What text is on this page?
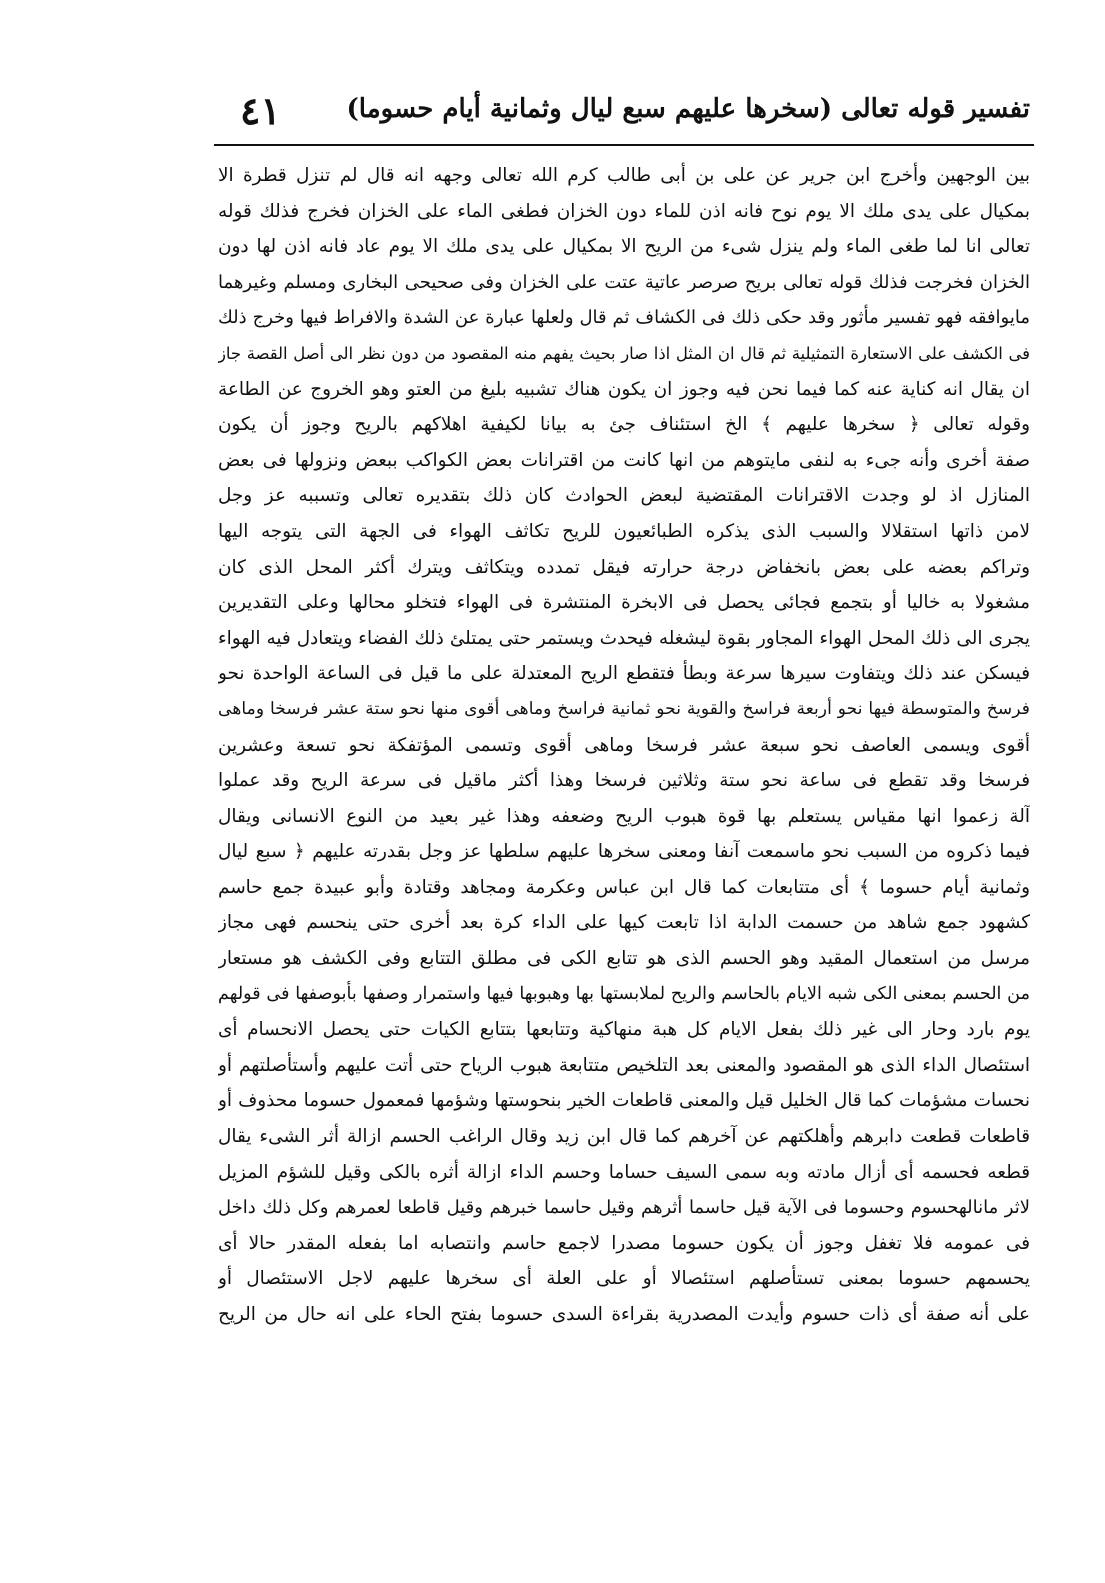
تفسير قوله تعالى (سخرها عليهم سبع ليال وثمانية أيام حسوما)
٤١
بين الوجهين وأخرج ابن جرير عن على بن أبى طالب كرم الله تعالى وجهه انه قال لم تنزل قطرة الا
بمكيال على يدى ملك الا يوم نوح فانه اذن للماء دون الخزان فطغى الماء على الخزان فخرج فذلك قوله
تعالى انا لما طغى الماء ولم ينزل شىء من الريح الا بمكيال على يدى ملك الا يوم عاد فانه اذن لها دون
الخزان فخرجت فذلك قوله تعالى بريح صرصر عاتية عتت على الخزان وفى صحيحى البخارى ومسلم وغيرهما
مايوافقه فهو تفسير مأثور وقد حكى ذلك فى الكشاف ثم قال ولعلها عبارة عن الشدة والافراط فيها وخرج ذلك
فى الكشف على الاستعارة التمثيلية ثم قال ان المثل اذا صار بحيث يفهم منه المقصود من دون نظر الى أصل القصة جاز
ان يقال انه كناية عنه كما فيما نحن فيه وجوز ان يكون هناك تشبيه بليغ من العتو وهو الخروج عن الطاعة
وقوله تعالى ﴿ سخرها عليهم ﴾ الخ استئناف جئ به بيانا لكيفية اهلاكهم بالريح وجوز أن يكون
صفة أخرى وأنه جىء به لنفى مايتوهم من انها كانت من اقترانات بعض الكواكب ببعض ونزولها فى بعض
المنازل اذ لو وجدت الاقترانات المقتضية لبعض الحوادث كان ذلك بتقديره تعالى وتسببه عز وجل
لامن ذاتها استقلالا والسبب الذى يذكره الطبائعيون للريح تكاثف الهواء فى الجهة التى يتوجه اليها
وتراكم بعضه على بعض بانخفاض درجة حرارته فيقل تمدده ويتكاثف ويترك أكثر المحل الذى كان
مشغولا به خاليا أو بتجمع فجائى يحصل فى الابخرة المنتشرة فى الهواء فتخلو محالها وعلى التقديرين
يجرى الى ذلك المحل الهواء المجاور بقوة ليشغله فيحدث ويستمر حتى يمتلئ ذلك الفضاء ويتعادل فيه الهواء
فيسكن عند ذلك ويتفاوت سيرها سرعة وبطأ فتقطع الريح المعتدلة على ما قيل فى الساعة الواحدة نحو
فرسخ والمتوسطة فيها نحو أربعة فراسخ والقوية نحو ثمانية فراسخ وماهى أقوى منها نحو ستة عشر فرسخا وماهى
أقوى ويسمى العاصف نحو سبعة عشر فرسخا وماهى أقوى وتسمى المؤتفكة نحو تسعة وعشرين
فرسخا وقد تقطع فى ساعة نحو ستة وثلاثين فرسخا وهذا أكثر ماقيل فى سرعة الريح وقد عملوا
آلة زعموا انها مقياس يستعلم بها قوة هبوب الريح وضعفه وهذا غير بعيد من النوع الانسانى ويقال
فيما ذكروه من السبب نحو ماسمعت آنفا ومعنى سخرها عليهم سلطها عز وجل بقدرته عليهم ﴿ سبع ليال
وثمانية أيام حسوما ﴾ أى متتابعات كما قال ابن عباس وعكرمة ومجاهد وقتادة وأبو عبيدة جمع حاسم
كشهود جمع شاهد من حسمت الدابة اذا تابعت كيها على الداء كرة بعد أخرى حتى ينحسم فهى مجاز
مرسل من استعمال المقيد وهو الحسم الذى هو تتابع الكى فى مطلق التتابع وفى الكشف هو مستعار
من الحسم بمعنى الكى شبه الايام بالحاسم والريح لملابستها بها وهبوبها فيها واستمرار وصفها بأبوصفها فى قولهم
يوم بارد وحار الى غير ذلك بفعل الايام كل هبة منهاكية وتتابعها بتتابع الكيات حتى يحصل الانحسام أى
استئصال الداء الذى هو المقصود والمعنى بعد التلخيص متتابعة هبوب الرياح حتى أتت عليهم وأستأصلتهم أو
نحسات مشؤمات كما قال الخليل قيل والمعنى قاطعات الخير بنحوستها وشؤمها فمعمول حسوما محذوف أو
قاطعات قطعت دابرهم وأهلكتهم عن آخرهم كما قال ابن زيد وقال الراغب الحسم ازالة أثر الشىء يقال
قطعه فحسمه أى أزال مادته وبه سمى السيف حساما وحسم الداء ازالة أثره بالكى وقيل للشؤم المزيل
لاثر مانالهحسوم وحسوما فى الآية قيل حاسما أثرهم وقيل حاسما خبرهم وقيل قاطعا لعمرهم وكل ذلك داخل
فى عمومه فلا تغفل وجوز أن يكون حسوما مصدرا لاجمع حاسم وانتصابه اما بفعله المقدر حالا أى
يحسمهم حسوما بمعنى تستأصلهم استئصالا أو على العلة أى سخرها عليهم لاجل الاستئصال أو
على أنه صفة أى ذات حسوم وأيدت المصدرية بقراءة السدى حسوما بفتح الحاء على انه حال من الريح
